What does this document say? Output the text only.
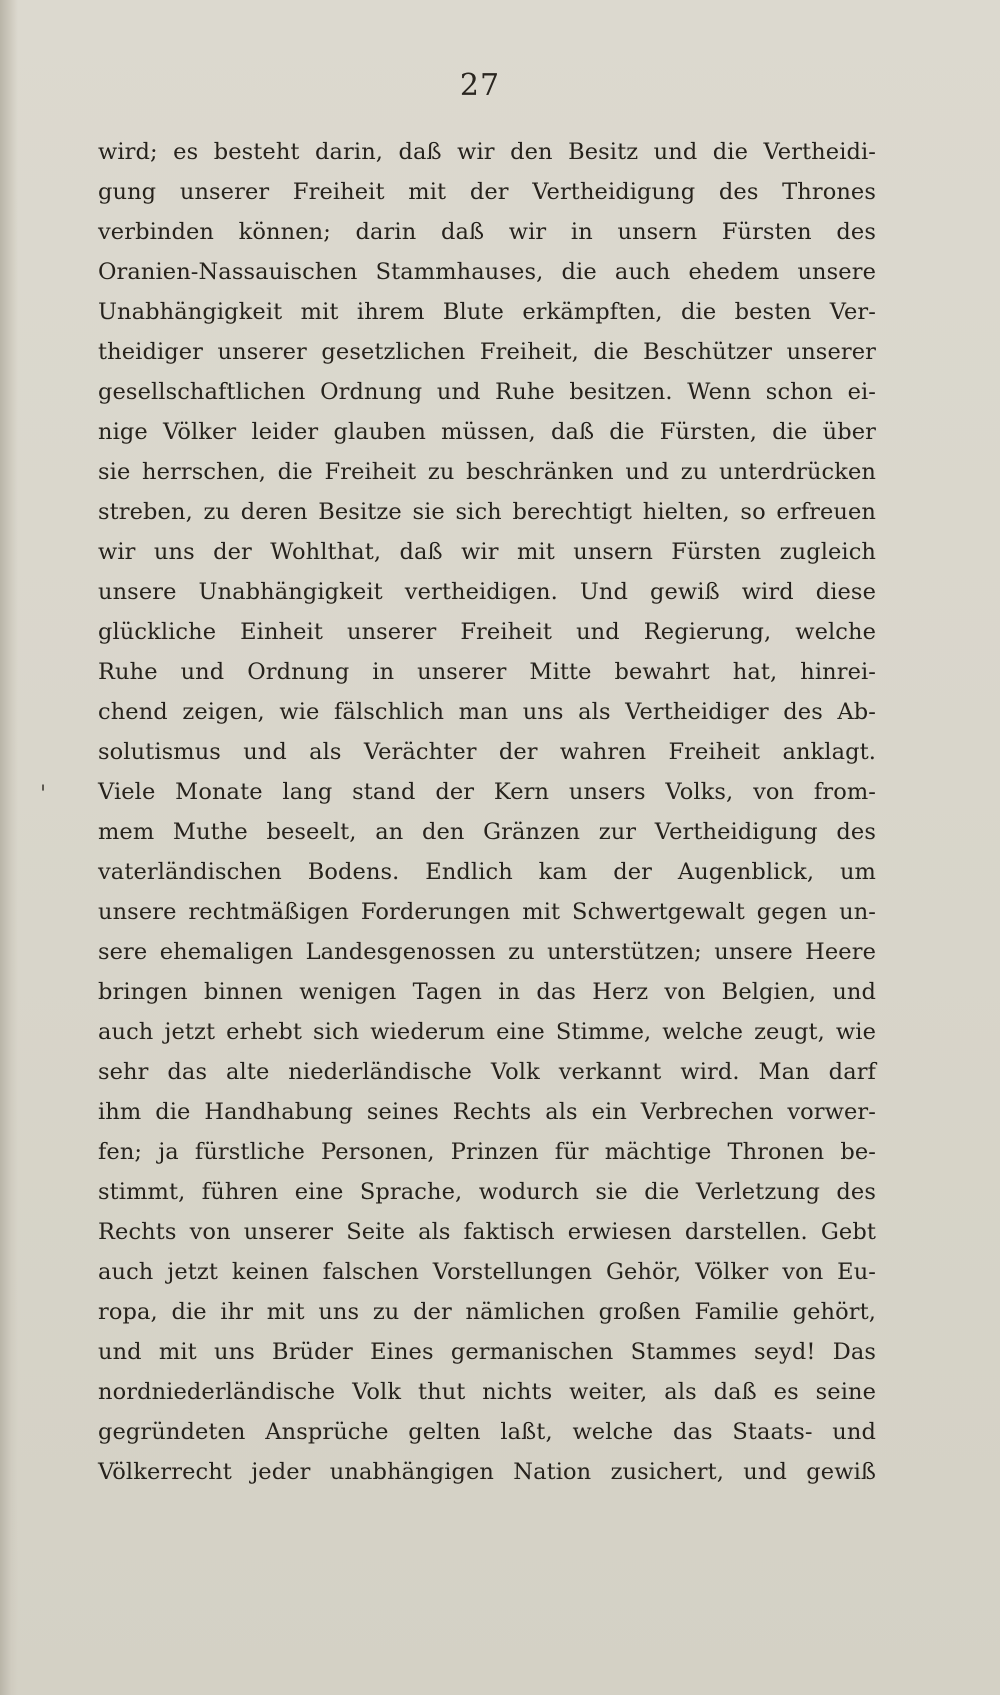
27
'
wird; es besteht darin, daß wir den Besitz und die Vertheidi-
gung unserer Freiheit mit der Vertheidigung des Thrones
verbinden können; darin daß wir in unsern Fürsten des
Oranien-Nassauischen Stammhauses, die auch ehedem unsere
Unabhängigkeit mit ihrem Blute erkämpften, die besten Ver-
theidiger unserer gesetzlichen Freiheit, die Beschützer unserer
gesellschaftlichen Ordnung und Ruhe besitzen. Wenn schon ei-
nige Völker leider glauben müssen, daß die Fürsten, die über
sie herrschen, die Freiheit zu beschränken und zu unterdrücken
streben, zu deren Besitze sie sich berechtigt hielten, so erfreuen
wir uns der Wohlthat, daß wir mit unsern Fürsten zugleich
unsere Unabhängigkeit vertheidigen. Und gewiß wird diese
glückliche Einheit unserer Freiheit und Regierung, welche
Ruhe und Ordnung in unserer Mitte bewahrt hat, hinrei-
chend zeigen, wie fälschlich man uns als Vertheidiger des Ab-
solutismus und als Verächter der wahren Freiheit anklagt.
Viele Monate lang stand der Kern unsers Volks, von from-
mem Muthe beseelt, an den Gränzen zur Vertheidigung des
vaterländischen Bodens. Endlich kam der Augenblick, um
unsere rechtmäßigen Forderungen mit Schwertgewalt gegen un-
sere ehemaligen Landesgenossen zu unterstützen; unsere Heere
bringen binnen wenigen Tagen in das Herz von Belgien, und
auch jetzt erhebt sich wiederum eine Stimme, welche zeugt, wie
sehr das alte niederländische Volk verkannt wird. Man darf
ihm die Handhabung seines Rechts als ein Verbrechen vorwer-
fen; ja fürstliche Personen, Prinzen für mächtige Thronen be-
stimmt, führen eine Sprache, wodurch sie die Verletzung des
Rechts von unserer Seite als faktisch erwiesen darstellen. Gebt
auch jetzt keinen falschen Vorstellungen Gehör, Völker von Eu-
ropa, die ihr mit uns zu der nämlichen großen Familie gehört,
und mit uns Brüder Eines germanischen Stammes seyd! Das
nordniederländische Volk thut nichts weiter, als daß es seine
gegründeten Ansprüche gelten laßt, welche das Staats- und
Völkerrecht jeder unabhängigen Nation zusichert, und gewiß
